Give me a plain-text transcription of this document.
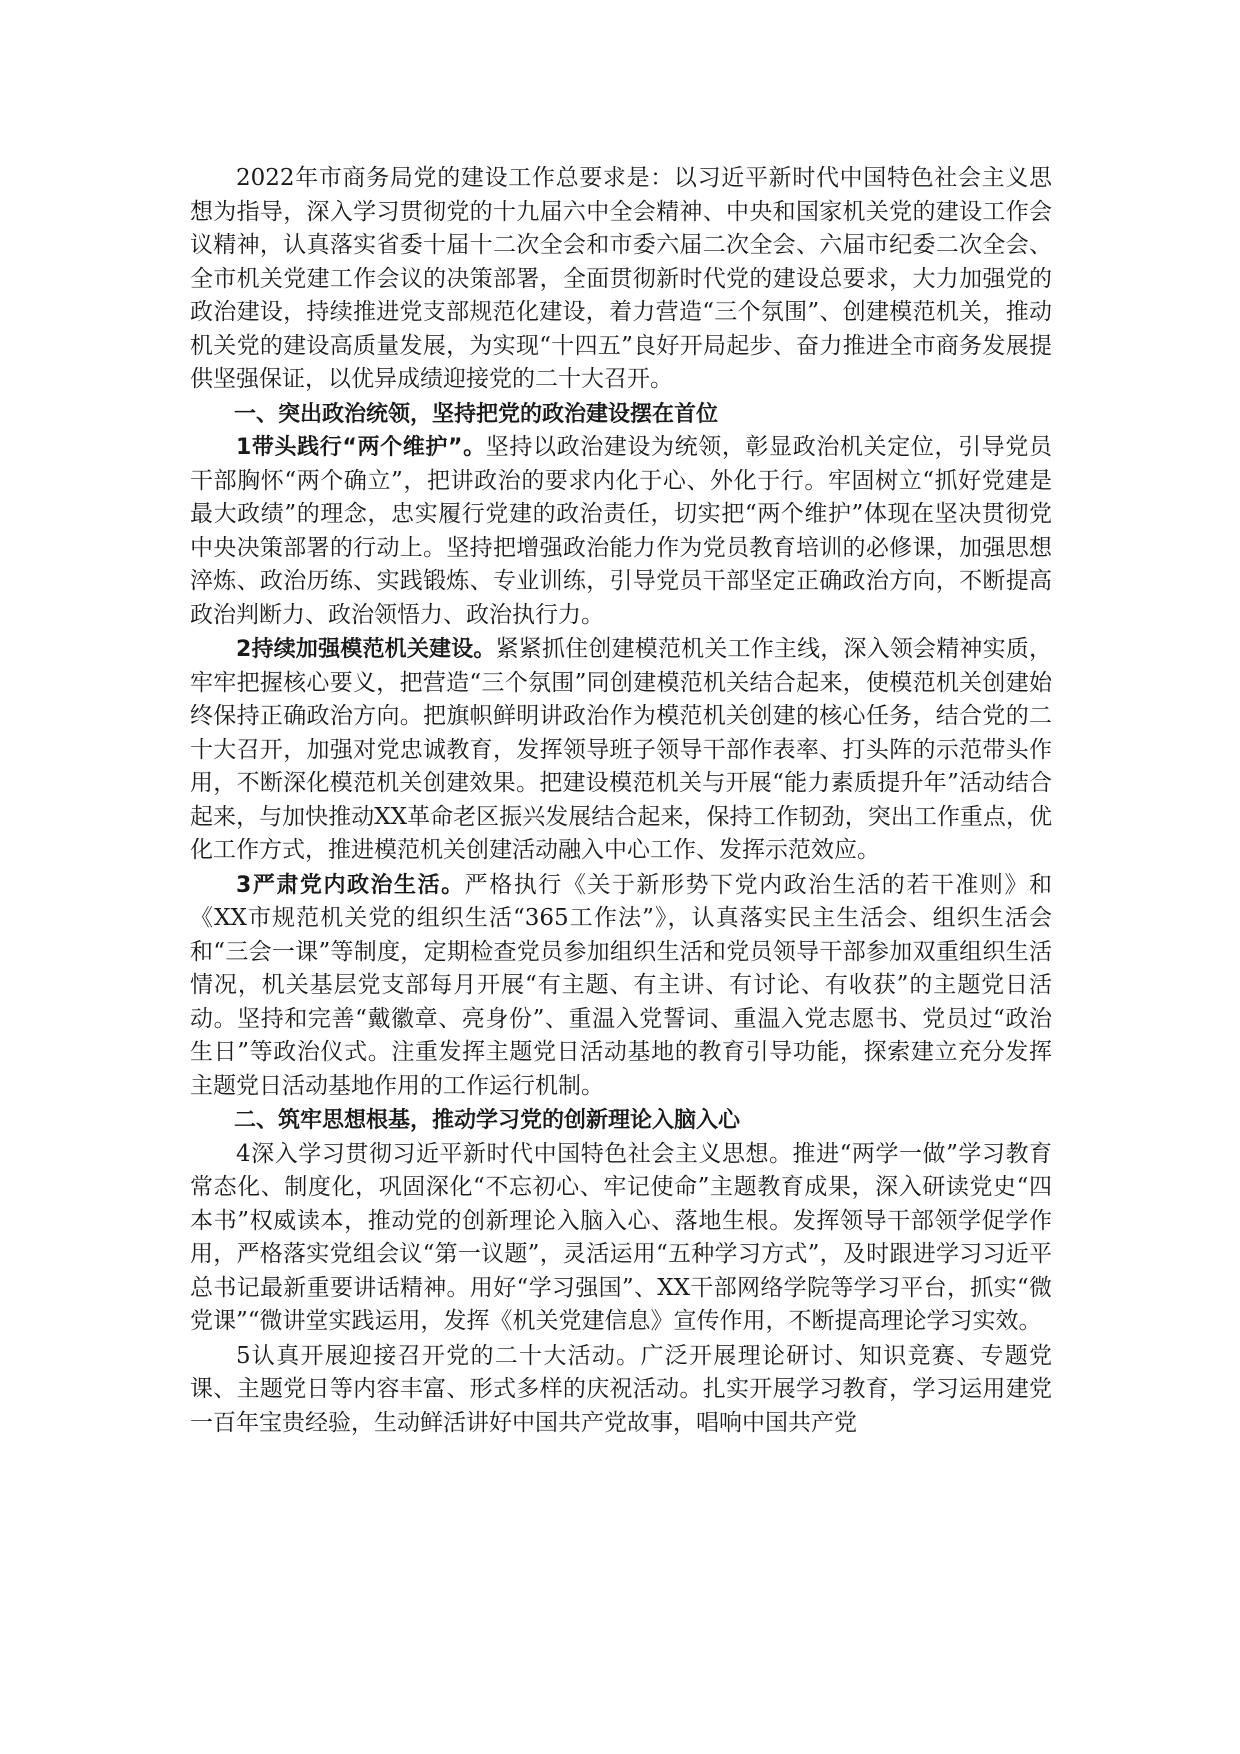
2022年市商务局党的建设工作总要求是：以习近平新时代中国特色社会主义思想为指导，深入学习贯彻党的十九届六中全会精神、中央和国家机关党的建设工作会议精神，认真落实省委十届十二次全会和市委六届二次全会、六届市纪委二次全会、全市机关党建工作会议的决策部署，全面贯彻新时代党的建设总要求，大力加强党的政治建设，持续推进党支部规范化建设，着力营造“三个氛围”、创建模范机关，推动机关党的建设高质量发展，为实现“十四五”良好开局起步、奋力推进全市商务发展提供坚强保证，以优异成绩迎接党的二十大召开。

一、突出政治统领，坚持把党的政治建设摆在首位

1带头践行“两个维护”。坚持以政治建设为统领，彰显政治机关定位，引导党员干部胸怀“两个确立”，把讲政治的要求内化于心、外化于行。牢固树立“抓好党建是最大政绩”的理念，忠实履行党建的政治责任，切实把“两个维护”体现在坚决贯彻党中央决策部署的行动上。坚持把增强政治能力作为党员教育培训的必修课，加强思想淬炼、政治历练、实践锻炼、专业训练，引导党员干部坚定正确政治方向，不断提高政治判断力、政治领悟力、政治执行力。

2持续加强模范机关建设。紧紧抓住创建模范机关工作主线，深入领会精神实质，牢牢把握核心要义，把营造“三个氛围”同创建模范机关结合起来，使模范机关创建始终保持正确政治方向。把旗帜鲜明讲政治作为模范机关创建的核心任务，结合党的二十大召开，加强对党忠诚教育，发挥领导班子领导干部作表率、打头阵的示范带头作用，不断深化模范机关创建效果。把建设模范机关与开展“能力素质提升年”活动结合起来，与加快推动XX革命老区振兴发展结合起来，保持工作韧劲，突出工作重点，优化工作方式，推进模范机关创建活动融入中心工作、发挥示范效应。

3严肃党内政治生活。严格执行《关于新形势下党内政治生活的若干准则》和《XX市规范机关党的组织生活“365工作法”》，认真落实民主生活会、组织生活会和“三会一课”等制度，定期检查党员参加组织生活和党员领导干部参加双重组织生活情况，机关基层党支部每月开展“有主题、有主讲、有讨论、有收获”的主题党日活动。坚持和完善“戴徽章、亮身份”、重温入党誓词、重温入党志愿书、党员过“政治生日”等政治仪式。注重发挥主题党日活动基地的教育引导功能，探索建立充分发挥主题党日活动基地作用的工作运行机制。

二、筑牢思想根基，推动学习党的创新理论入脑入心

4深入学习贯彻习近平新时代中国特色社会主义思想。推进“两学一做”学习教育常态化、制度化，巩固深化“不忘初心、牢记使命”主题教育成果，深入研读党史“四本书”权威读本，推动党的创新理论入脑入心、落地生根。发挥领导干部领学促学作用，严格落实党组会议“第一议题”，灵活运用“五种学习方式”，及时跟进学习习近平总书记最新重要讲话精神。用好“学习强国”、XX干部网络学院等学习平台，抓实“微党课”“微讲堂实践运用，发挥《机关党建信息》宣传作用，不断提高理论学习实效。

5认真开展迎接召开党的二十大活动。广泛开展理论研讨、知识竞赛、专题党课、主题党日等内容丰富、形式多样的庆祝活动。扎实开展学习教育，学习运用建党一百年宝贵经验，生动鲜活讲好中国共产党故事，唱响中国共产党
